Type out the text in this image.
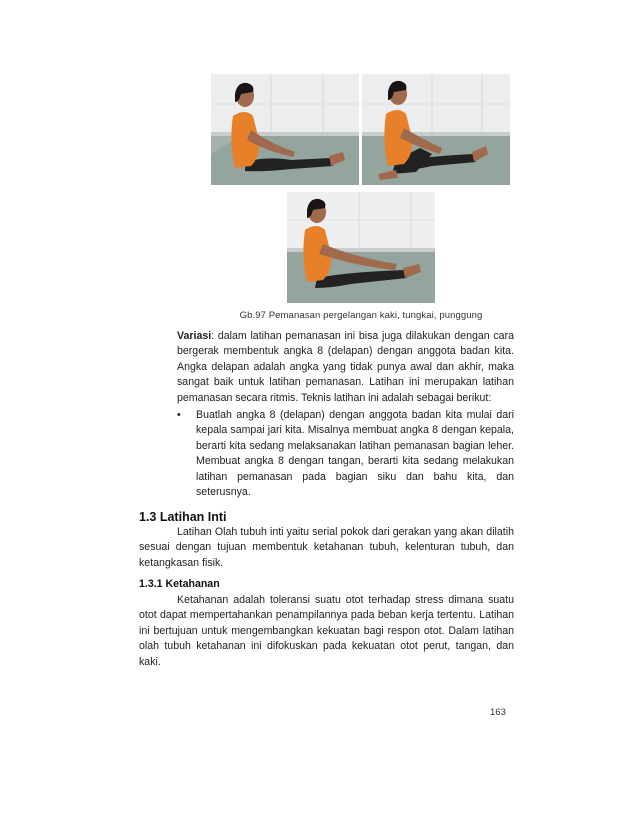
Gb.97 Pemanasan pergelangan kaki, tungkai, punggung
Variasi: dalam latihan pemanasan ini bisa juga dilakukan dengan cara bergerak membentuk angka 8 (delapan) dengan anggota badan kita. Angka delapan adalah angka yang tidak punya awal dan akhir, maka sangat baik untuk latihan pemanasan. Latihan ini merupakan latihan pemanasan secara ritmis. Teknis latihan ini adalah sebagai berikut:
• Buatlah angka 8 (delapan) dengan anggota badan kita mulai dari kepala sampai jari kita. Misalnya membuat angka 8 dengan kepala, berarti kita sedang melaksanakan latihan pemanasan bagian leher. Membuat angka 8 dengan tangan, berarti kita sedang melakukan latihan pemanasan pada bagian siku dan bahu kita, dan seterusnya.
1.3 Latihan Inti
Latihan Olah tubuh inti yaitu serial pokok dari gerakan yang akan dilatih sesuai dengan tujuan membentuk ketahanan tubuh, kelenturan tubuh, dan ketangkasan fisik.
1.3.1 Ketahanan
Ketahanan adalah toleransi suatu otot terhadap stress dimana suatu otot dapat mempertahankan penampilannya pada beban kerja tertentu. Latihan ini bertujuan untuk mengembangkan kekuatan bagi respon otot. Dalam latihan olah tubuh ketahanan ini difokuskan pada kekuatan otot perut, tangan, dan kaki.
163
